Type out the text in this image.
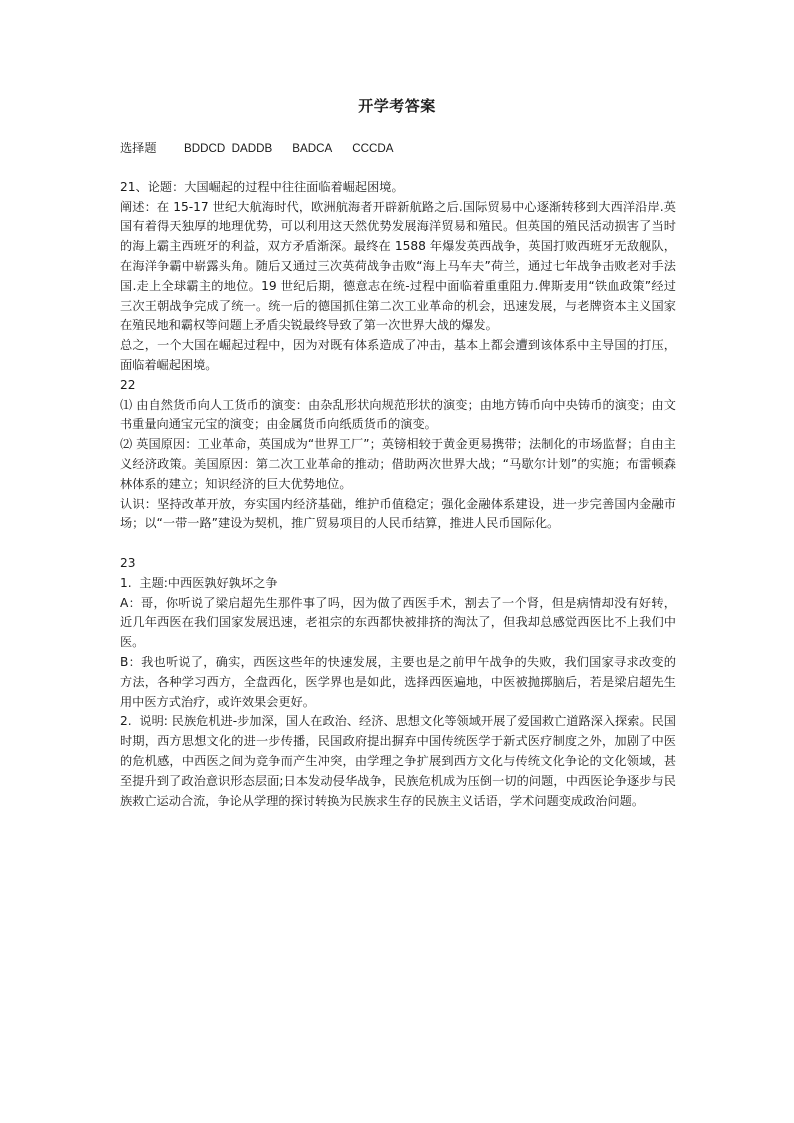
开学考答案

选择题	BDDCD  DADDB BADCA CCCDA

21、论题：大国崛起的过程中往往面临着崛起困境。

阐述：在 15-17 世纪大航海时代，欧洲航海者开辟新航路之后.国际贸易中心逐渐转移到大西洋沿岸.英国有着得天独厚的地理优势，可以利用这天然优势发展海洋贸易和殖民。但英国的殖民活动损害了当时的海上霸主西班牙的利益，双方矛盾渐深。最终在 1588 年爆发英西战争，英国打败西班牙无敌舰队，在海洋争霸中崭露头角。随后又通过三次英荷战争击败“海上马车夫”荷兰，通过七年战争击败老对手法国.走上全球霸主的地位。19 世纪后期，德意志在统-过程中面临着重重阻力.俾斯麦用“铁血政策”经过三次王朝战争完成了统一。统一后的德国抓住第二次工业革命的机会，迅速发展，与老牌资本主义国家在殖民地和霸权等问题上矛盾尖锐最终导致了第一次世界大战的爆发。

总之，一个大国在崛起过程中，因为对既有体系造成了冲击，基本上都会遭到该体系中主导国的打压，面临着崛起困境。

22

⑴ 由自然货币向人工货币的演变：由杂乱形状向规范形状的演变；由地方铸币向中央铸币的演变；由文书重量向通宝元宝的演变；由金属货币向纸质货币的演变。

⑵ 英国原因：工业革命，英国成为“世界工厂”；英镑相较于黄金更易携带；法制化的市场监督；自由主义经济政策。美国原因：第二次工业革命的推动；借助两次世界大战；“马歇尔计划”的实施；布雷顿森林体系的建立；知识经济的巨大优势地位。

认识：坚持改革开放，夯实国内经济基础，维护币值稳定；强化金融体系建设，进一步完善国内金融市场；以“一带一路”建设为契机，推广贸易项目的人民币结算，推进人民币国际化。

23

1.  主题:中西医孰好孰坏之争

A：哥，你听说了梁启超先生那件事了吗，因为做了西医手术，割去了一个肾，但是病情却没有好转，近几年西医在我们国家发展迅速，老祖宗的东西都快被排挤的淘汰了，但我却总感觉西医比不上我们中医。

B：我也听说了，确实，西医这些年的快速发展，主要也是之前甲午战争的失败，我们国家寻求改变的方法，各种学习西方，全盘西化，医学界也是如此，选择西医遍地，中医被抛掷脑后，若是梁启超先生用中医方式治疗，或许效果会更好。

2.  说明: 民族危机进-步加深，国人在政治、经济、思想文化等领域开展了爱国救亡道路深入探索。民国时期，西方思想文化的进一步传播，民国政府提出摒弃中国传统医学于新式医疗制度之外，加剧了中医的危机感，中西医之间为竞争而产生冲突，由学理之争扩展到西方文化与传统文化争论的文化领域，甚至提升到了政治意识形态层面;日本发动侵华战争，民族危机成为压倒一切的问题，中西医论争逐步与民族救亡运动合流，争论从学理的探讨转换为民族求生存的民族主义话语，学术问题变成政治问题。
